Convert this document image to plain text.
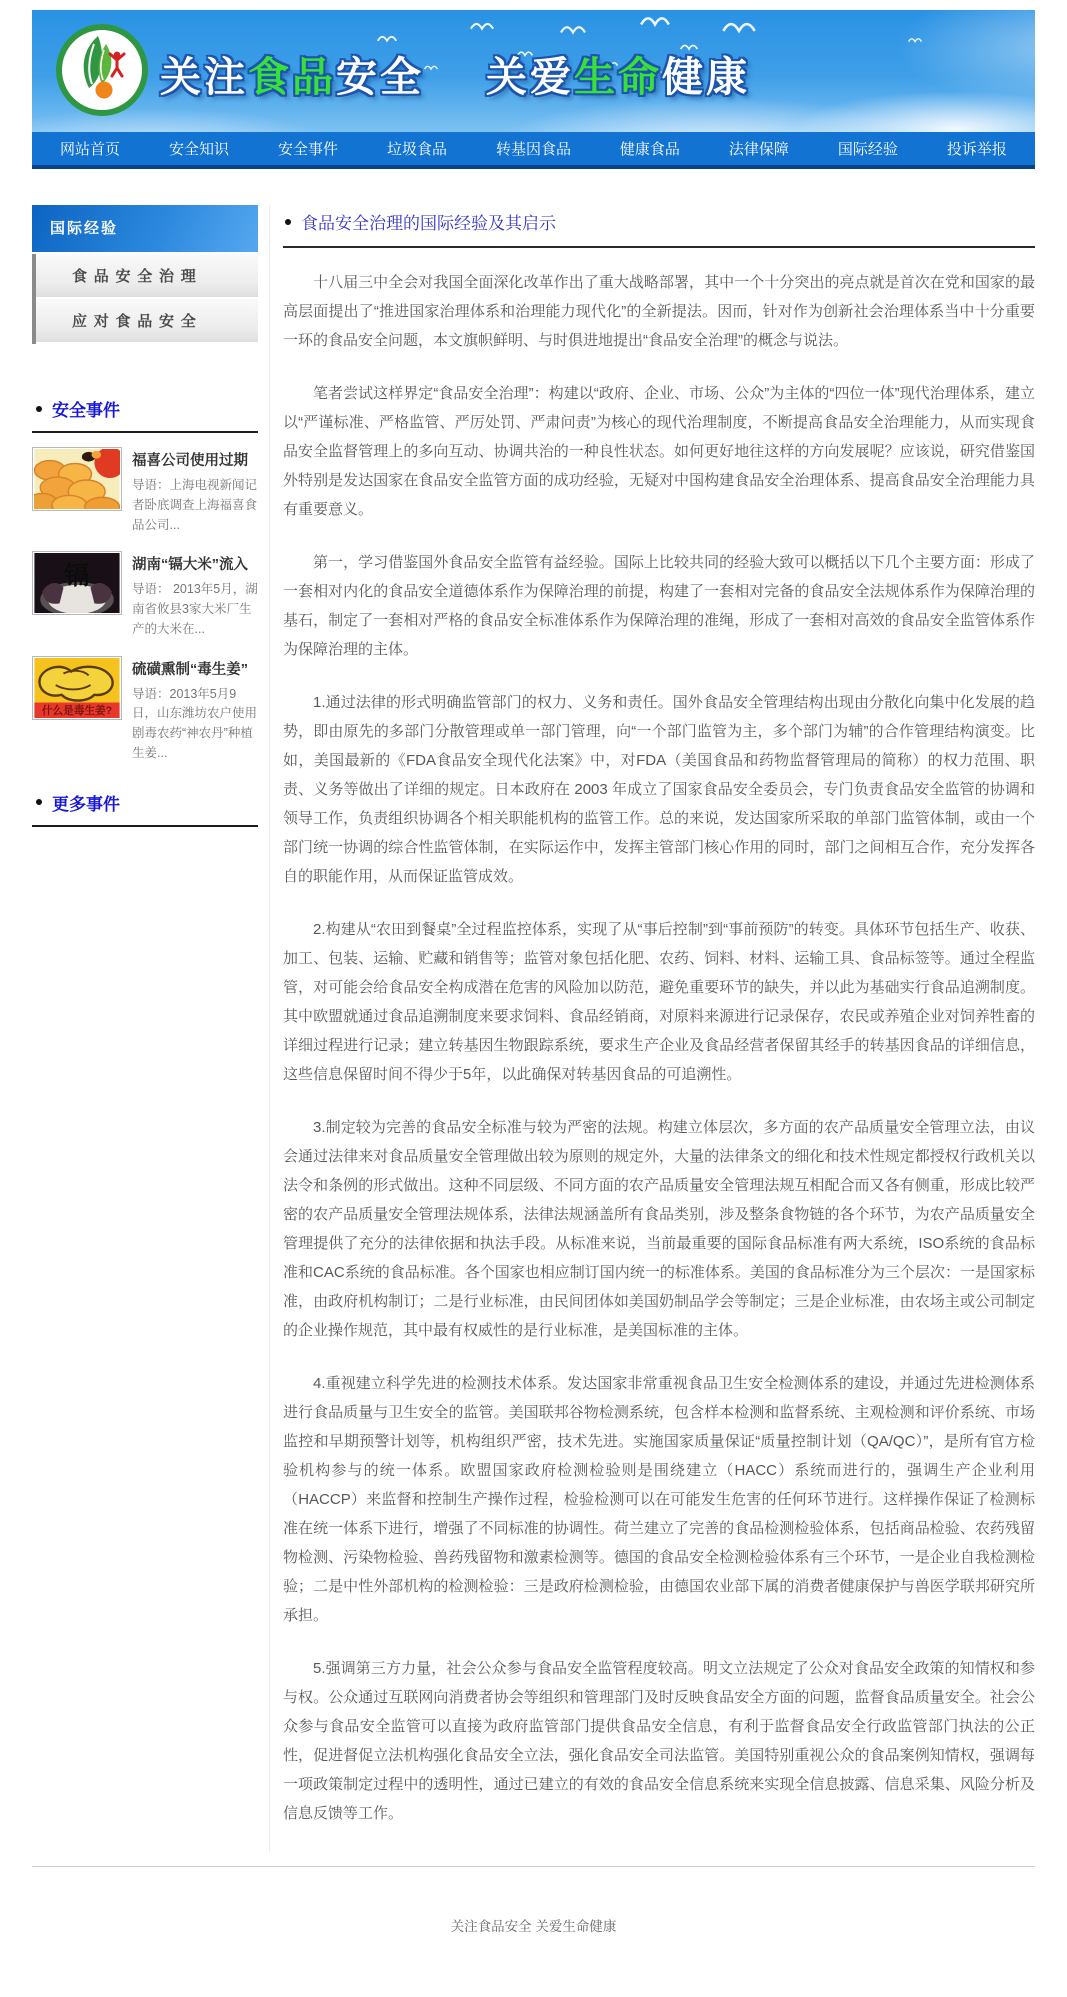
关注食品安全 关爱生命健康
网站首页	安全知识	安全事件	垃圾食品	转基因食品	健康食品	法律保障	国际经验	投诉举报
国际经验
食品安全治理
应对食品安全
安全事件
福喜公司使用过期
导语：上海电视新闻记者卧底调查上海福喜食品公司...
镉	湖南“镉大米”流入
导语： 2013年5月，湖南省攸县3家大米厂生产的大米在...
什么是毒生姜?
硫磺熏制“毒生姜”
导语：2013年5月9日，山东潍坊农户使用剧毒农药“神农丹”种植生姜...
更多事件
食品安全治理的国际经验及其启示

十八届三中全会对我国全面深化改革作出了重大战略部署，其中一个十分突出的亮点就是首次在党和国家的最高层面提出了“推进国家治理体系和治理能力现代化”的全新提法。因而，针对作为创新社会治理体系当中十分重要一环的食品安全问题，本文旗帜鲜明、与时俱进地提出“食品安全治理”的概念与说法。

笔者尝试这样界定“食品安全治理”：构建以“政府、企业、市场、公众”为主体的“四位一体”现代治理体系，建立以“严谨标准、严格监管、严厉处罚、严肃问责”为核心的现代治理制度，不断提高食品安全治理能力，从而实现食品安全监督管理上的多向互动、协调共治的一种良性状态。如何更好地往这样的方向发展呢？应该说，研究借鉴国外特别是发达国家在食品安全监管方面的成功经验，无疑对中国构建食品安全治理体系、提高食品安全治理能力具有重要意义。

第一，学习借鉴国外食品安全监管有益经验。国际上比较共同的经验大致可以概括以下几个主要方面：形成了一套相对内化的食品安全道德体系作为保障治理的前提，构建了一套相对完备的食品安全法规体系作为保障治理的基石，制定了一套相对严格的食品安全标准体系作为保障治理的准绳，形成了一套相对高效的食品安全监管体系作为保障治理的主体。

1.通过法律的形式明确监管部门的权力、义务和责任。国外食品安全管理结构出现由分散化向集中化发展的趋势，即由原先的多部门分散管理或单一部门管理，向“一个部门监管为主，多个部门为辅”的合作管理结构演变。比如，美国最新的《FDA食品安全现代化法案》中，对FDA（美国食品和药物监督管理局的简称）的权力范围、职责、义务等做出了详细的规定。日本政府在 2003 年成立了国家食品安全委员会，专门负责食品安全监管的协调和领导工作，负责组织协调各个相关职能机构的监管工作。总的来说，发达国家所采取的单部门监管体制，或由一个部门统一协调的综合性监管体制，在实际运作中，发挥主管部门核心作用的同时，部门之间相互合作，充分发挥各自的职能作用，从而保证监管成效。

2.构建从“农田到餐桌”全过程监控体系，实现了从“事后控制”到“事前预防”的转变。具体环节包括生产、收获、加工、包装、运输、贮藏和销售等；监管对象包括化肥、农药、饲料、材料、运输工具、食品标签等。通过全程监管，对可能会给食品安全构成潜在危害的风险加以防范，避免重要环节的缺失，并以此为基础实行食品追溯制度。其中欧盟就通过食品追溯制度来要求饲料、食品经销商，对原料来源进行记录保存，农民或养殖企业对饲养牲畜的详细过程进行记录；建立转基因生物跟踪系统，要求生产企业及食品经营者保留其经手的转基因食品的详细信息，这些信息保留时间不得少于5年，以此确保对转基因食品的可追溯性。

3.制定较为完善的食品安全标准与较为严密的法规。构建立体层次，多方面的农产品质量安全管理立法，由议会通过法律来对食品质量安全管理做出较为原则的规定外，大量的法律条文的细化和技术性规定都授权行政机关以法令和条例的形式做出。这种不同层级、不同方面的农产品质量安全管理法规互相配合而又各有侧重，形成比较严密的农产品质量安全管理法规体系，法律法规涵盖所有食品类别，涉及整条食物链的各个环节，为农产品质量安全管理提供了充分的法律依据和执法手段。从标准来说，当前最重要的国际食品标准有两大系统，ISO系统的食品标准和CAC系统的食品标准。各个国家也相应制订国内统一的标准体系。美国的食品标准分为三个层次：一是国家标准，由政府机构制订；二是行业标准，由民间团体如美国奶制品学会等制定；三是企业标准，由农场主或公司制定的企业操作规范，其中最有权威性的是行业标准，是美国标准的主体。

4.重视建立科学先进的检测技术体系。发达国家非常重视食品卫生安全检测体系的建设，并通过先进检测体系进行食品质量与卫生安全的监管。美国联邦谷物检测系统，包含样本检测和监督系统、主观检测和评价系统、市场监控和早期预警计划等，机构组织严密，技术先进。实施国家质量保证“质量控制计划（QA/QC）”，是所有官方检验机构参与的统一体系。欧盟国家政府检测检验则是围绕建立（HACC）系统而进行的，强调生产企业利用（HACCP）来监督和控制生产操作过程，检验检测可以在可能发生危害的任何环节进行。这样操作保证了检测标准在统一体系下进行，增强了不同标准的协调性。荷兰建立了完善的食品检测检验体系，包括商品检验、农药残留物检测、污染物检验、兽药残留物和激素检测等。德国的食品安全检测检验体系有三个环节，一是企业自我检测检验；二是中性外部机构的检测检验：三是政府检测检验，由德国农业部下属的消费者健康保护与兽医学联邦研究所承担。

5.强调第三方力量，社会公众参与食品安全监管程度较高。明文立法规定了公众对食品安全政策的知情权和参与权。公众通过互联网向消费者协会等组织和管理部门及时反映食品安全方面的问题，监督食品质量安全。社会公众参与食品安全监管可以直接为政府监管部门提供食品安全信息，有利于监督食品安全行政监管部门执法的公正性，促进督促立法机构强化食品安全立法，强化食品安全司法监管。美国特别重视公众的食品案例知情权，强调每一项政策制定过程中的透明性，通过已建立的有效的食品安全信息系统来实现全信息披露、信息采集、风险分析及信息反馈等工作。

关注食品安全 关爱生命健康
